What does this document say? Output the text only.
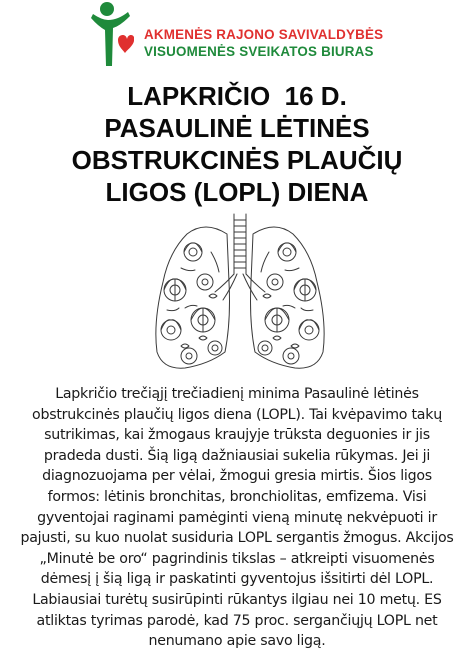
AKMENĖS RAJONO SAVIVALDYBĖS
VISUOMENĖS SVEIKATOS BIURAS
LAPKRIČIO  16 D.
PASAULINĖ LĖTINĖS
OBSTRUKCINĖS PLAUČIŲ
LIGOS (LOPL) DIENA
Lapkričio trečiąjį trečiadienį minima Pasaulinė lėtinės obstrukcinės plaučių ligos diena (LOPL). Tai kvėpavimo takų sutrikimas, kai žmogaus kraujyje trūksta deguonies ir jis pradeda dusti. Šią ligą dažniausiai sukelia rūkymas. Jei ji diagnozuojama per vėlai, žmogui gresia mirtis. Šios ligos formos: lėtinis bronchitas, bronchiolitas, emfizema. Visi gyventojai raginami pamėginti vieną minutę nekvėpuoti ir pajusti, su kuo nuolat susiduria LOPL sergantis žmogus. Akcijos „Minutė be oro“ pagrindinis tikslas – atkreipti visuomenės dėmesį į šią ligą ir paskatinti gyventojus išsitirti dėl LOPL. Labiausiai turėtų susirūpinti rūkantys ilgiau nei 10 metų. ES atliktas tyrimas parodė, kad 75 proc. sergančiųjų LOPL net nenumano apie savo ligą.
